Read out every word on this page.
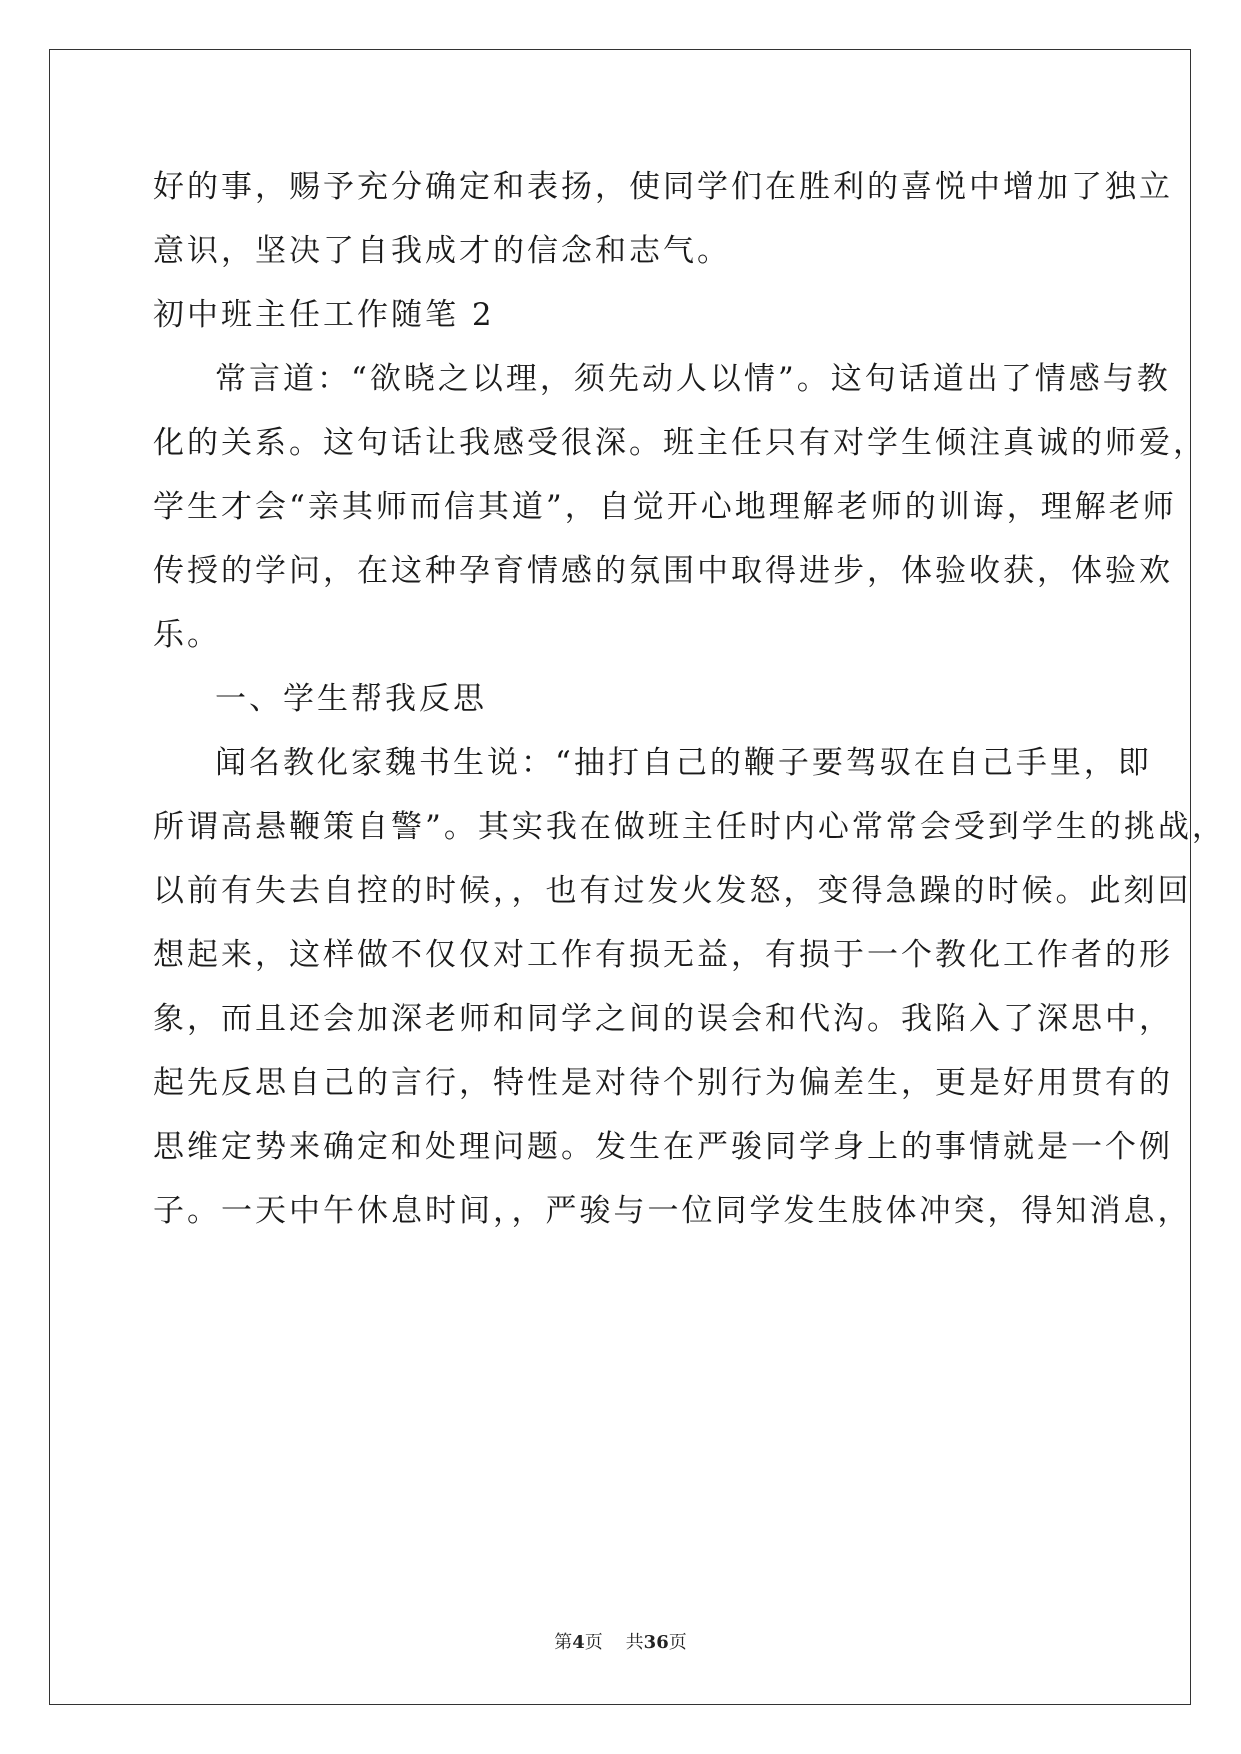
好的事，赐予充分确定和表扬，使同学们在胜利的喜悦中增加了独立
意识，坚决了自我成才的信念和志气。
初中班主任工作随笔 2
常言道：“欲晓之以理，须先动人以情”。这句话道出了情感与教
化的关系。这句话让我感受很深。班主任只有对学生倾注真诚的师爱，
学生才会“亲其师而信其道”，自觉开心地理解老师的训诲，理解老师
传授的学问，在这种孕育情感的氛围中取得进步，体验收获，体验欢
乐。
一、学生帮我反思
闻名教化家魏书生说：“抽打自己的鞭子要驾驭在自己手里，即
所谓高悬鞭策自警”。其实我在做班主任时内心常常会受到学生的挑战，
以前有失去自控的时候，，也有过发火发怒，变得急躁的时候。此刻回
想起来，这样做不仅仅对工作有损无益，有损于一个教化工作者的形
象，而且还会加深老师和同学之间的误会和代沟。我陷入了深思中，
起先反思自己的言行，特性是对待个别行为偏差生，更是好用贯有的
思维定势来确定和处理问题。发生在严骏同学身上的事情就是一个例
子。一天中午休息时间，，严骏与一位同学发生肢体冲突，得知消息，
第4页 共36页
